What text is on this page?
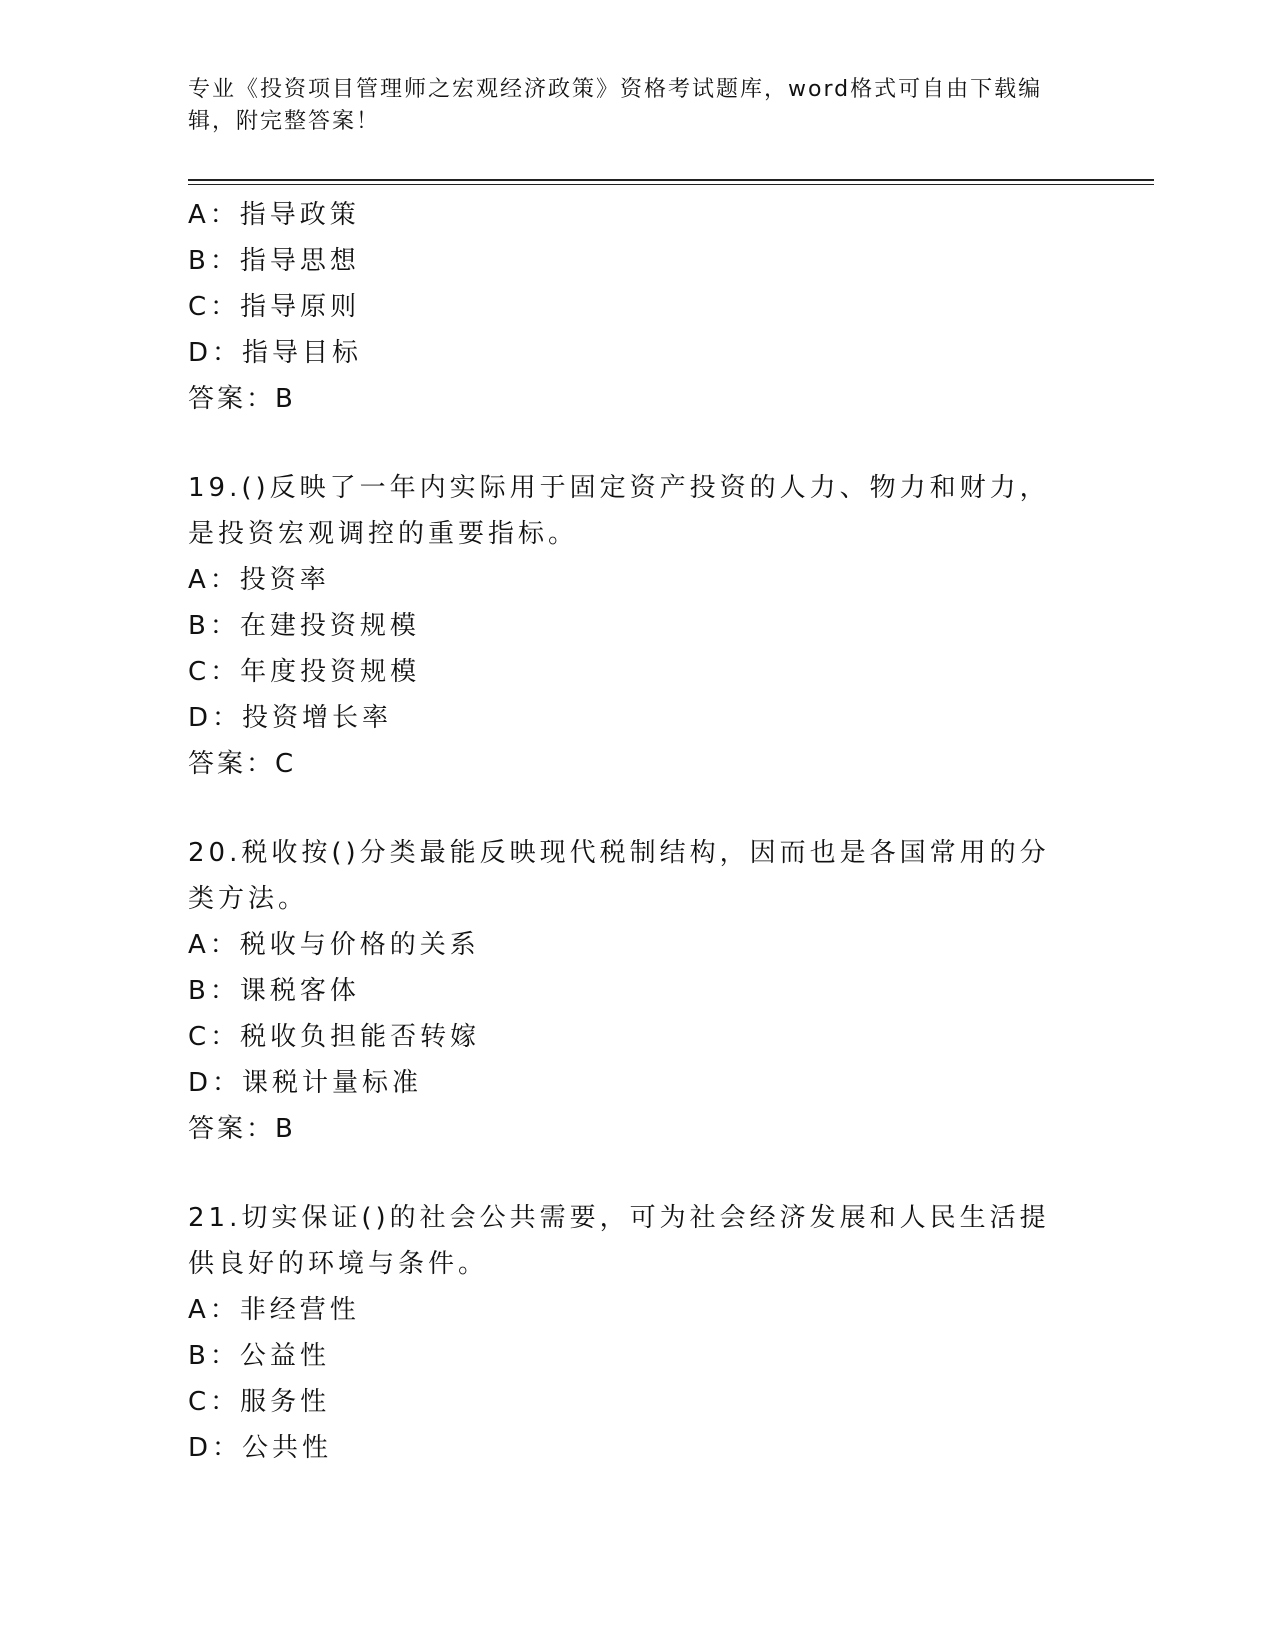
专业《投资项目管理师之宏观经济政策》资格考试题库，word格式可自由下载编辑，附完整答案！
A：指导政策
B：指导思想
C：指导原则
D：指导目标
答案：B
19.()反映了一年内实际用于固定资产投资的人力、物力和财力，是投资宏观调控的重要指标。
A：投资率
B：在建投资规模
C：年度投资规模
D：投资增长率
答案：C
20.税收按()分类最能反映现代税制结构，因而也是各国常用的分类方法。
A：税收与价格的关系
B：课税客体
C：税收负担能否转嫁
D：课税计量标准
答案：B
21.切实保证()的社会公共需要，可为社会经济发展和人民生活提供良好的环境与条件。
A：非经营性
B：公益性
C：服务性
D：公共性
